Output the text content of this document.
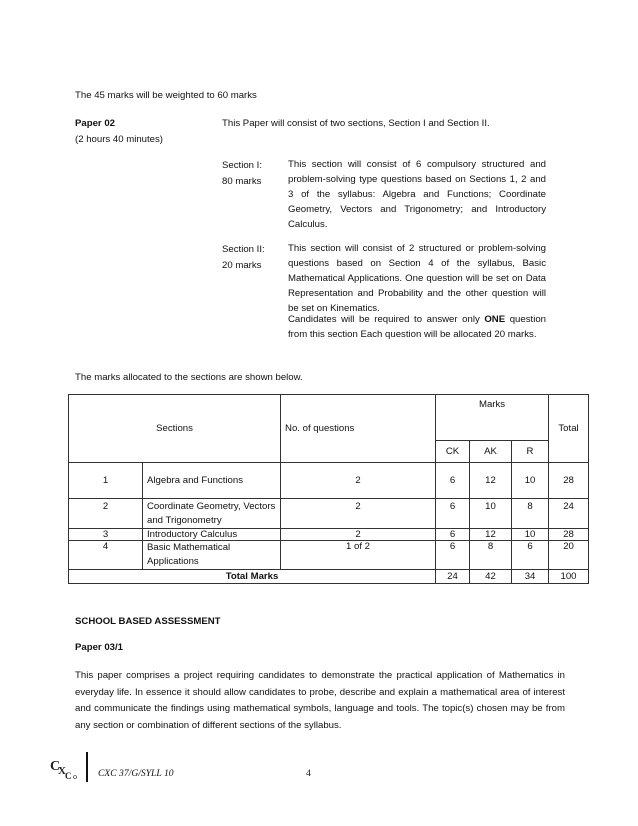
The 45 marks will be weighted to 60 marks
Paper 02
(2 hours 40 minutes)
This Paper will consist of two sections, Section I and Section II.
Section I:
80 marks
This section will consist of 6 compulsory structured and problem-solving type questions based on Sections 1, 2 and 3 of the syllabus: Algebra and Functions; Coordinate Geometry, Vectors and Trigonometry; and Introductory Calculus.
Section II:
20 marks
This section will consist of 2 structured or problem-solving questions based on Section 4 of the syllabus, Basic Mathematical Applications. One question will be set on Data Representation and Probability and the other question will be set on Kinematics.
Candidates will be required to answer only ONE question from this section Each question will be allocated 20 marks.
The marks allocated to the sections are shown below.
Sections		No. of questions	Marks			Total
			CK	AK	R	
1	Algebra and Functions	2	6	12	10	28
2	Coordinate Geometry, Vectors and Trigonometry	2	6	10	8	24
3	Introductory Calculus	2	6	12	10	28
4	Basic Mathematical Applications	1 of 2	6	8	6	20
Total Marks			24	42	34	100
SCHOOL BASED ASSESSMENT
Paper 03/1
This paper comprises a project requiring candidates to demonstrate the practical application of Mathematics in everyday life. In essence it should allow candidates to probe, describe and explain a mathematical area of interest and communicate the findings using mathematical symbols, language and tools. The topic(s) chosen may be from any section or combination of different sections of the syllabus.
C
X C	CXC 37/G/SYLL 10	4
